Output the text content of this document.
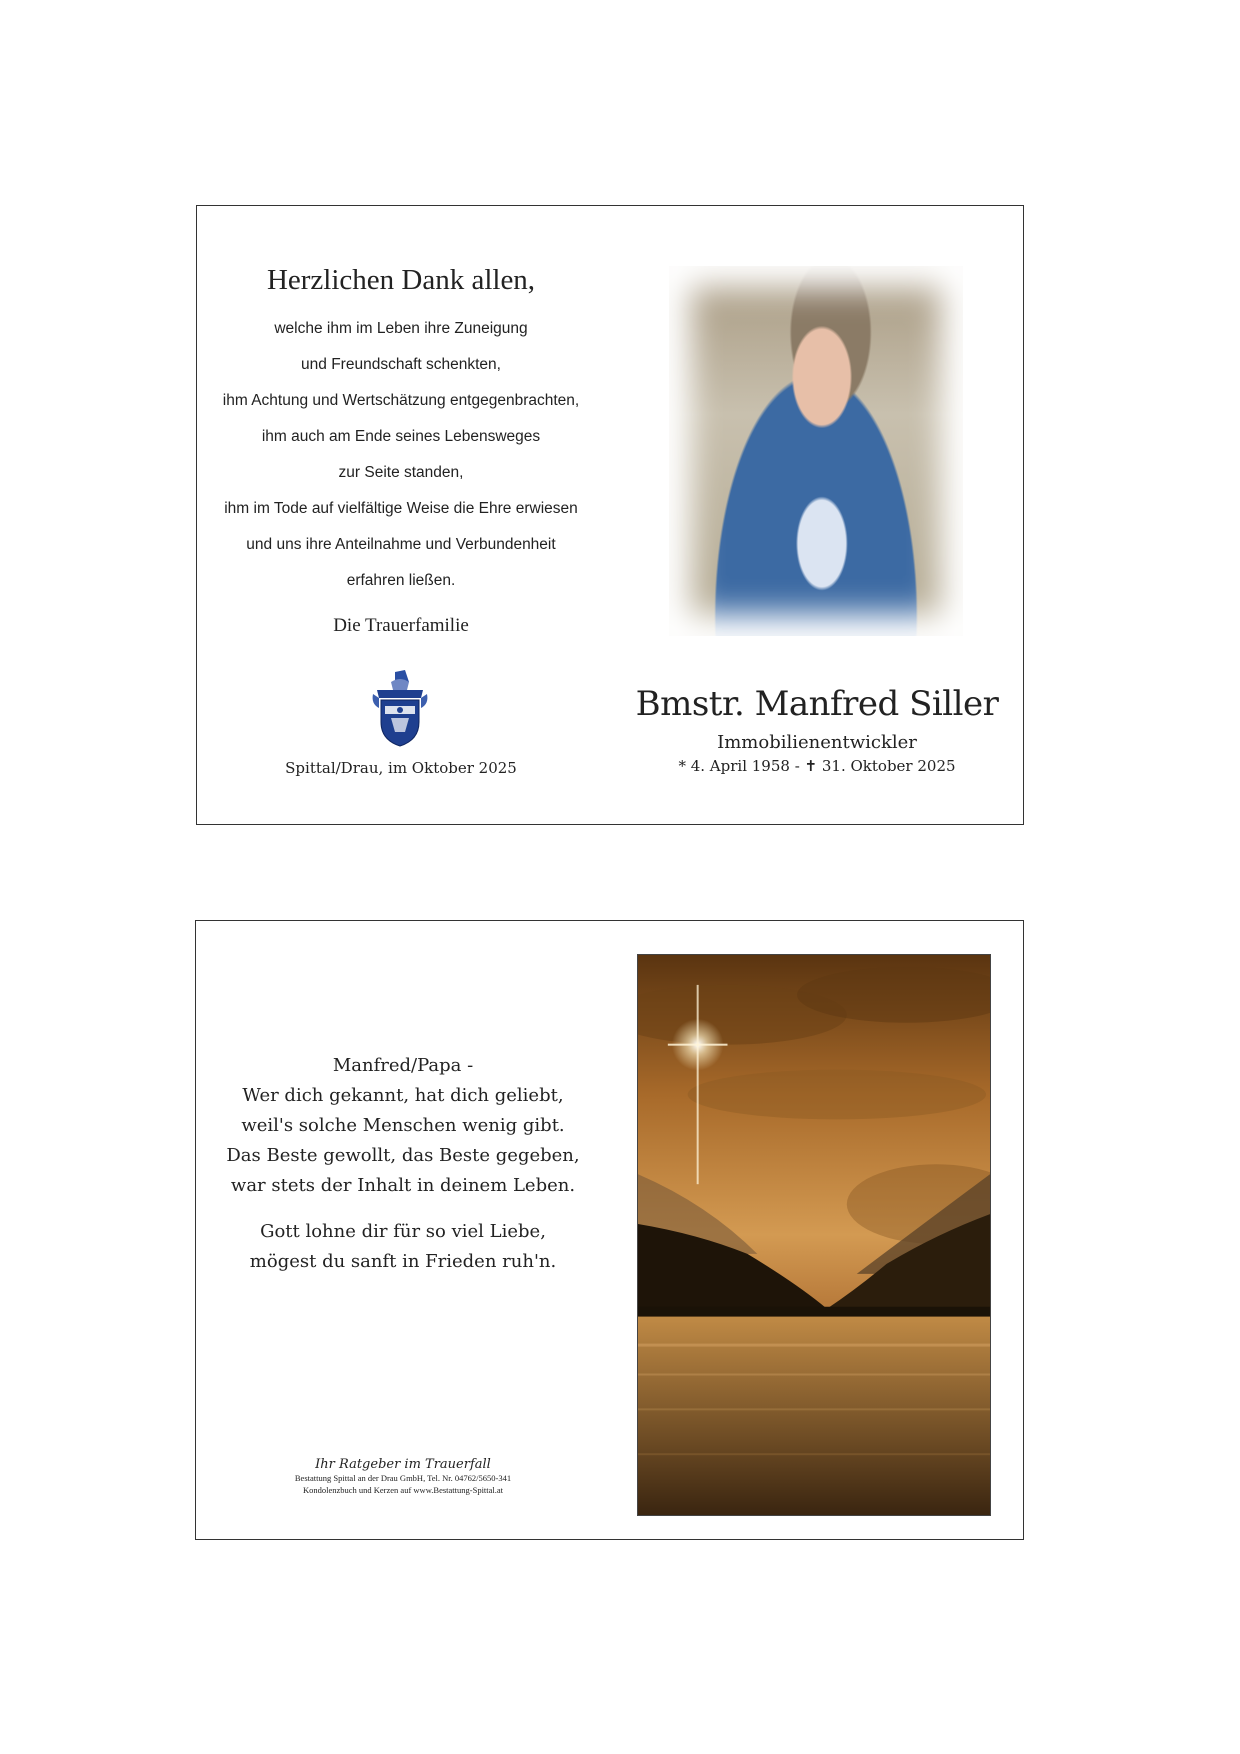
Herzlichen Dank allen,
welche ihm im Leben ihre Zuneigung
und Freundschaft schenkten,
ihm Achtung und Wertschätzung entgegenbrachten,
ihm auch am Ende seines Lebensweges
zur Seite standen,
ihm im Tode auf vielfältige Weise die Ehre erwiesen
und uns ihre Anteilnahme und Verbundenheit
erfahren ließen.
Die Trauerfamilie
Spittal/Drau, im Oktober 2025
Bmstr. Manfred Siller
Immobilienentwickler
* 4. April 1958 - ✝ 31. Oktober 2025
Manfred/Papa -
Wer dich gekannt, hat dich geliebt,
weil's solche Menschen wenig gibt.
Das Beste gewollt, das Beste gegeben,
war stets der Inhalt in deinem Leben.
Gott lohne dir für so viel Liebe,
mögest du sanft in Frieden ruh'n.
Ihr Ratgeber im Trauerfall
Bestattung Spittal an der Drau GmbH, Tel. Nr. 04762/5650-341
Kondolenzbuch und Kerzen auf www.Bestattung-Spittal.at
